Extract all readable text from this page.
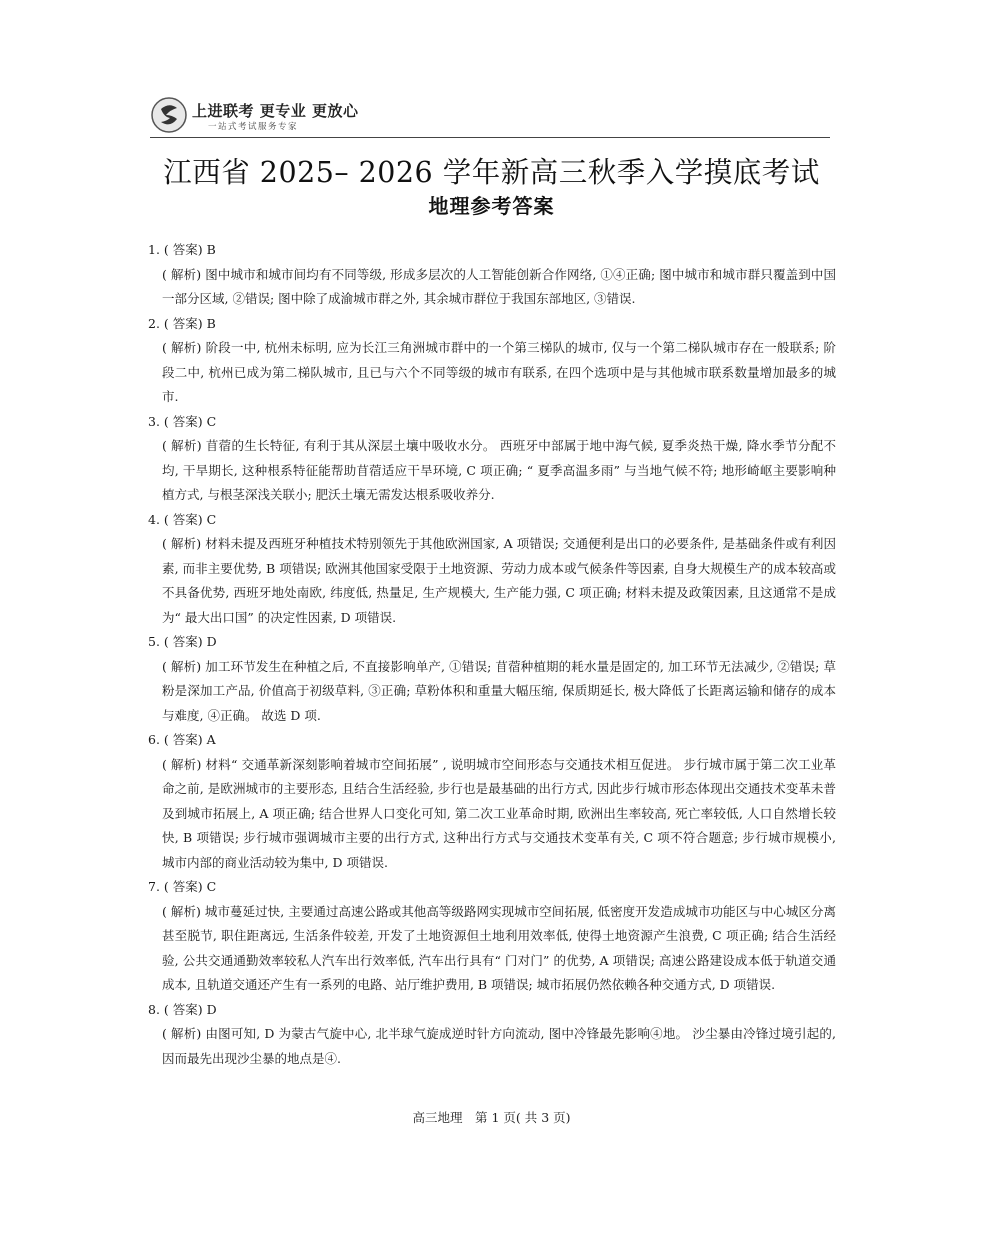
上进联考 更专业 更放心
一站式考试服务专家
江西省 2025– 2026 学年新高三秋季入学摸底考试
地理参考答案
1. ( 答案) B
( 解析) 图中城市和城市间均有不同等级, 形成多层次的人工智能创新合作网络, ①④正确; 图中城市和城市群只覆盖到中国一部分区域, ②错误; 图中除了成渝城市群之外, 其余城市群位于我国东部地区, ③错误.
2. ( 答案) B
( 解析) 阶段一中, 杭州未标明, 应为长江三角洲城市群中的一个第三梯队的城市, 仅与一个第二梯队城市存在一般联系; 阶段二中, 杭州已成为第二梯队城市, 且已与六个不同等级的城市有联系, 在四个选项中是与其他城市联系数量增加最多的城市.
3. ( 答案) C
( 解析) 苜蓿的生长特征, 有利于其从深层土壤中吸收水分。 西班牙中部属于地中海气候, 夏季炎热干燥, 降水季节分配不均, 干旱期长, 这种根系特征能帮助苜蓿适应干旱环境, C 项正确; “ 夏季高温多雨” 与当地气候不符; 地形崎岖主要影响种植方式, 与根茎深浅关联小; 肥沃土壤无需发达根系吸收养分.
4. ( 答案) C
( 解析) 材料未提及西班牙种植技术特别领先于其他欧洲国家, A 项错误; 交通便利是出口的必要条件, 是基础条件或有利因素, 而非主要优势, B 项错误; 欧洲其他国家受限于土地资源、劳动力成本或气候条件等因素, 自身大规模生产的成本较高或不具备优势, 西班牙地处南欧, 纬度低, 热量足, 生产规模大, 生产能力强, C 项正确; 材料未提及政策因素, 且这通常不是成为“ 最大出口国” 的决定性因素, D 项错误.
5. ( 答案) D
( 解析) 加工环节发生在种植之后, 不直接影响单产, ①错误; 苜蓿种植期的耗水量是固定的, 加工环节无法减少, ②错误; 草粉是深加工产品, 价值高于初级草料, ③正确; 草粉体积和重量大幅压缩, 保质期延长, 极大降低了长距离运输和储存的成本与难度, ④正确。 故选 D 项.
6. ( 答案) A
( 解析) 材料“ 交通革新深刻影响着城市空间拓展” , 说明城市空间形态与交通技术相互促进。 步行城市属于第二次工业革命之前, 是欧洲城市的主要形态, 且结合生活经验, 步行也是最基础的出行方式, 因此步行城市形态体现出交通技术变革未普及到城市拓展上, A 项正确; 结合世界人口变化可知, 第二次工业革命时期, 欧洲出生率较高, 死亡率较低, 人口自然增长较快, B 项错误; 步行城市强调城市主要的出行方式, 这种出行方式与交通技术变革有关, C 项不符合题意; 步行城市规模小, 城市内部的商业活动较为集中, D 项错误.
7. ( 答案) C
( 解析) 城市蔓延过快, 主要通过高速公路或其他高等级路网实现城市空间拓展, 低密度开发造成城市功能区与中心城区分离甚至脱节, 职住距离远, 生活条件较差, 开发了土地资源但土地利用效率低, 使得土地资源产生浪费, C 项正确; 结合生活经验, 公共交通通勤效率较私人汽车出行效率低, 汽车出行具有“ 门对门” 的优势, A 项错误; 高速公路建设成本低于轨道交通成本, 且轨道交通还产生有一系列的电路、站厅维护费用, B 项错误; 城市拓展仍然依赖各种交通方式, D 项错误.
8. ( 答案) D
( 解析) 由图可知, D 为蒙古气旋中心, 北半球气旋成逆时针方向流动, 图中冷锋最先影响④地。 沙尘暴由冷锋过境引起的, 因而最先出现沙尘暴的地点是④.
高三地理　第 1 页( 共 3 页)
